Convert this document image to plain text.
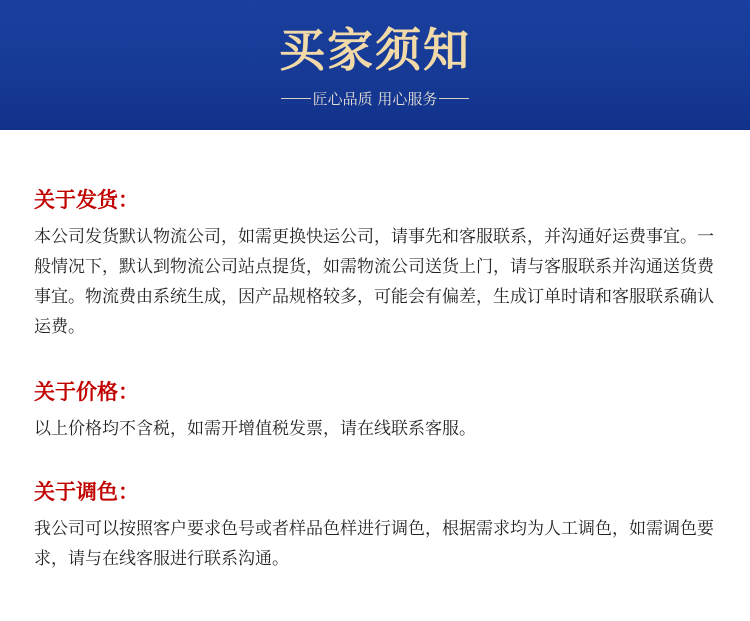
买家须知
匠心品质 用心服务
关于发货：
本公司发货默认物流公司，如需更换快运公司，请事先和客服联系，并沟通好运费事宜。一般情况下，默认到物流公司站点提货，如需物流公司送货上门，请与客服联系并沟通送货费事宜。物流费由系统生成，因产品规格较多，可能会有偏差，生成订单时请和客服联系确认运费。
关于价格：
以上价格均不含税，如需开增值税发票，请在线联系客服。
关于调色：
我公司可以按照客户要求色号或者样品色样进行调色，根据需求均为人工调色，如需调色要求，请与在线客服进行联系沟通。
